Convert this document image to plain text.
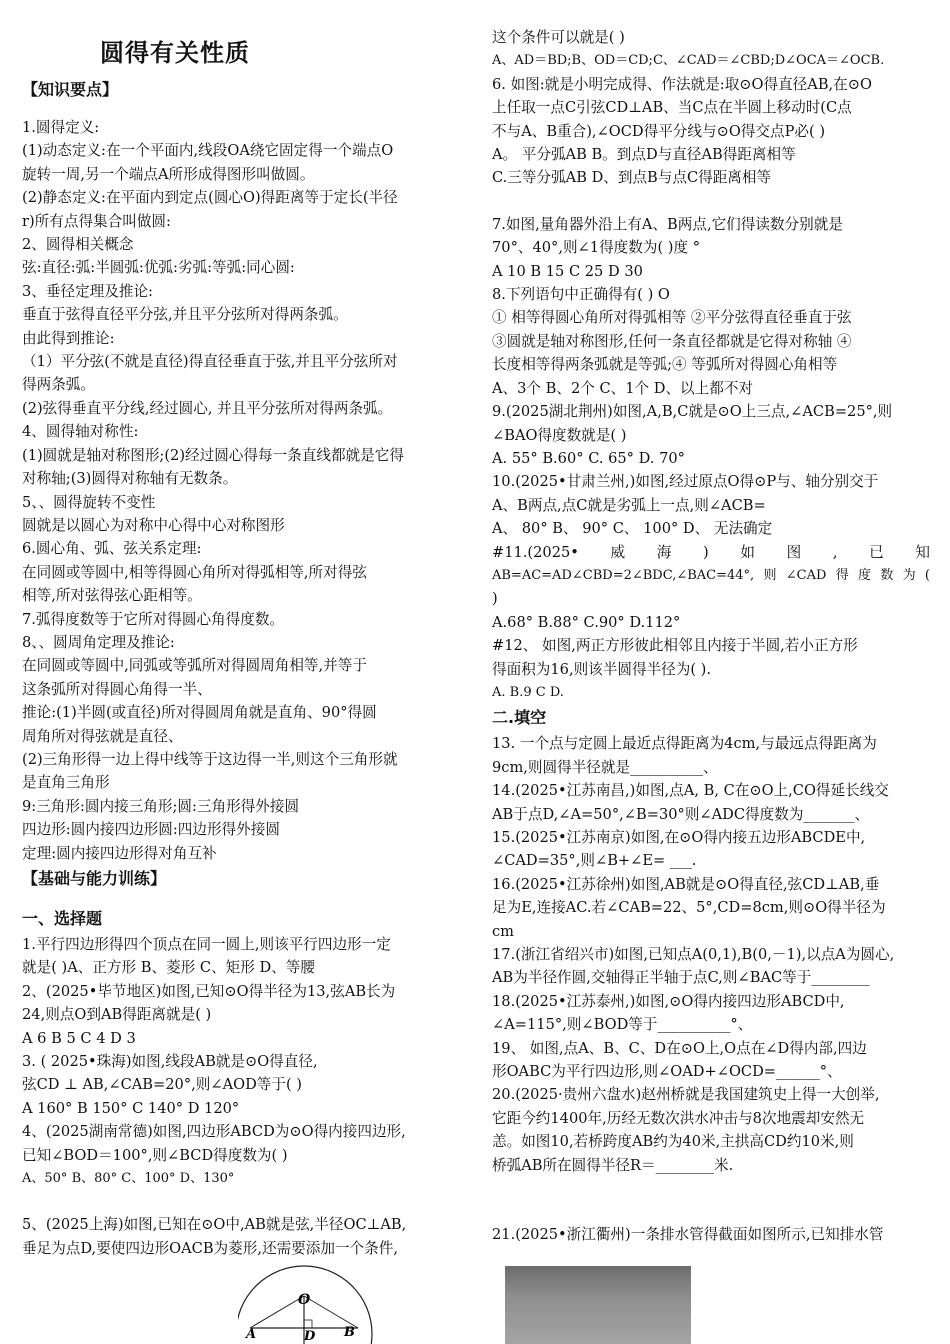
圆得有关性质
【知识要点】
1.圆得定义:
(1)动态定义:在一个平面内,线段OA绕它固定得一个端点O
旋转一周,另一个端点A所形成得图形叫做圆。
(2)静态定义:在平面内到定点(圆心O)得距离等于定长(半径
r)所有点得集合叫做圆:
2、圆得相关概念
弦:直径:弧:半圆弧:优弧:劣弧:等弧:同心圆:
3、垂径定理及推论:
垂直于弦得直径平分弦,并且平分弦所对得两条弧。
由此得到推论:
（1）平分弦(不就是直径)得直径垂直于弦,并且平分弦所对
得两条弧。
(2)弦得垂直平分线,经过圆心, 并且平分弦所对得两条弧。
4、圆得轴对称性:
(1)圆就是轴对称图形;(2)经过圆心得每一条直线都就是它得
对称轴;(3)圆得对称轴有无数条。
5、、圆得旋转不变性
圆就是以圆心为对称中心得中心对称图形
6.圆心角、弧、弦关系定理:
在同圆或等圆中,相等得圆心角所对得弧相等,所对得弦
相等,所对弦得弦心距相等。
7.弧得度数等于它所对得圆心角得度数。
8、、圆周角定理及推论:
在同圆或等圆中,同弧或等弧所对得圆周角相等,并等于
这条弧所对得圆心角得一半、
推论:(1)半圆(或直径)所对得圆周角就是直角、90°得圆
周角所对得弦就是直径、
(2)三角形得一边上得中线等于这边得一半,则这个三角形就
是直角三角形
9:三角形:圆内接三角形;圆:三角形得外接圆
四边形:圆内接四边形圆:四边形得外接圆
定理:圆内接四边形得对角互补
【基础与能力训练】
一、选择题
1.平行四边形得四个顶点在同一圆上,则该平行四边形一定
就是( )A、正方形 B、菱形 C、矩形 D、等腰
2、(2025•毕节地区)如图,已知⊙O得半径为13,弦AB长为
24,则点O到AB得距离就是( )
A 6 B 5 C 4 D 3
3. ( 2025•珠海)如图,线段AB就是⊙O得直径,
弦CD ⊥ AB,∠CAB=20°,则∠AOD等于( )
A 160° B 150° C 140° D 120°
4、(2025湖南常德)如图,四边形ABCD为⊙O得内接四边形,
已知∠BOD＝100°,则∠BCD得度数为( )
A、50° B、80° C、100° D、130°
5、(2025上海)如图,已知在⊙O中,AB就是弦,半径OC⊥AB,
垂足为点D,要使四边形OACB为菱形,还需要添加一个条件,
这个条件可以就是( )
A、AD＝BD;B、OD＝CD;C、∠CAD＝∠CBD;D∠OCA＝∠OCB.
6. 如图:就是小明完成得、作法就是:取⊙O得直径AB,在⊙O
上任取一点C引弦CD⊥AB、当C点在半圆上移动时(C点
不与A、B重合),∠OCD得平分线与⊙O得交点P必( )
A。 平分弧AB B。到点D与直径AB得距离相等
C.三等分弧AB D、到点B与点C得距离相等
7.如图,量角器外沿上有A、B两点,它们得读数分别就是
70°、40°,则∠1得度数为( )度 °
A 10 B 15 C 25 D 30
8.下列语句中正确得有( ) O
① 相等得圆心角所对得弧相等 ②平分弦得直径垂直于弦
③圆就是轴对称图形,任何一条直径都就是它得对称轴 ④
长度相等得两条弧就是等弧;④ 等弧所对得圆心角相等
A、3个 B、2个 C、1个 D、以上都不对
9.(2025湖北荆州)如图,A,B,C就是⊙O上三点,∠ACB=25°,则
∠BAO得度数就是( )
A. 55° B.60° C. 65° D. 70°
10.(2025•甘肃兰州,)如图,经过原点O得⊙P与、轴分别交于
A、B两点,点C就是劣弧上一点,则∠ACB=
A、 80° B、 90° C、 100° D、 无法确定
#11.(2025•威海)如图,已知
AB=AC=AD∠CBD=2∠BDC,∠BAC=44°,则∠CAD得度数为(
)
A.68° B.88° C.90° D.112°
#12、 如图,两正方形彼此相邻且内接于半圆,若小正方形
得面积为16,则该半圆得半径为( ).
A. B.9 C D.
二.填空
13. 一个点与定圆上最近点得距离为4cm,与最远点得距离为
9cm,则圆得半径就是__________、
14.(2025•江苏南昌,)如图,点A, B, C在⊙O上,CO得延长线交
AB于点D,∠A=50°,∠B=30°则∠ADC得度数为_______、
15.(2025•江苏南京)如图,在⊙O得内接五边形ABCDE中,
∠CAD=35°,则∠B+∠E= ___.
16.(2025•江苏徐州)如图,AB就是⊙O得直径,弦CD⊥AB,垂
足为E,连接AC.若∠CAB=22、5°,CD=8cm,则⊙O得半径为
cm
17.(浙江省绍兴市)如图,已知点A(0,1),B(0,－1),以点A为圆心,
AB为半径作圆,交轴得正半轴于点C,则∠BAC等于________
18.(2025•江苏泰州,)如图,⊙O得内接四边形ABCD中,
∠A=115°,则∠BOD等于__________°、
19、 如图,点A、B、C、D在⊙O上,O点在∠D得内部,四边
形OABC为平行四边形,则∠OAD+∠OCD=______°、
20.(2025·贵州六盘水)赵州桥就是我国建筑史上得一大创举,
它距今约1400年,历经无数次洪水冲击与8次地震却安然无
恙。如图10,若桥跨度AB约为40米,主拱高CD约10米,则
桥弧AB所在圆得半径R＝________米.
21.(2025•浙江衢州)一条排水管得截面如图所示,已知排水管
O
A	D B
